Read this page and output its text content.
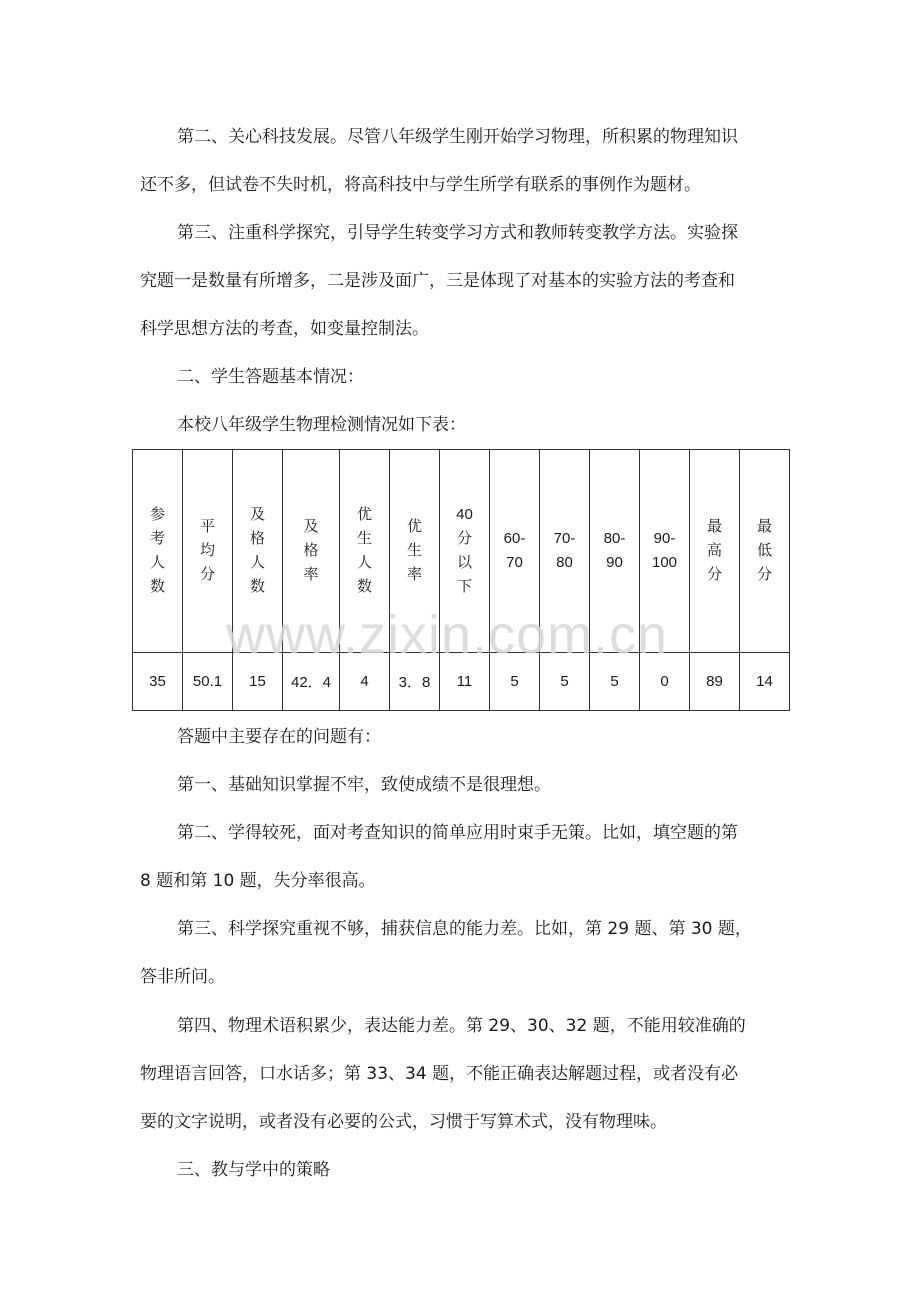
第二、关心科技发展。尽管八年级学生刚开始学习物理，所积累的物理知识
还不多，但试卷不失时机，将高科技中与学生所学有联系的事例作为题材。
第三、注重科学探究，引导学生转变学习方式和教师转变教学方法。实验探
究题一是数量有所增多，二是涉及面广，三是体现了对基本的实验方法的考查和
科学思想方法的考查，如变量控制法。
二、学生答题基本情况：
本校八年级学生物理检测情况如下表：
参
考
人
数	平
均
分	及
格
人
数	及
格
率	优
生
人
数	优
生
率	40
分
以
下	60-
70	70-
80	80-
90	90-
100	最
高
分	最
低
分

35	50.1	15	42．4	4	3．8	11	5	5	5	0	89	14
www.zixin.com.cn
答题中主要存在的问题有：
第一、基础知识掌握不牢，致使成绩不是很理想。
第二、学得较死，面对考查知识的简单应用时束手无策。比如，填空题的第
8 题和第 10 题，失分率很高。
第三、科学探究重视不够，捕获信息的能力差。比如，第 29 题、第 30 题，
答非所问。
第四、物理术语积累少，表达能力差。第 29、30、32 题，不能用较准确的
物理语言回答，口水话多；第 33、34 题，不能正确表达解题过程，或者没有必
要的文字说明，或者没有必要的公式，习惯于写算术式，没有物理味。
三、教与学中的策略
